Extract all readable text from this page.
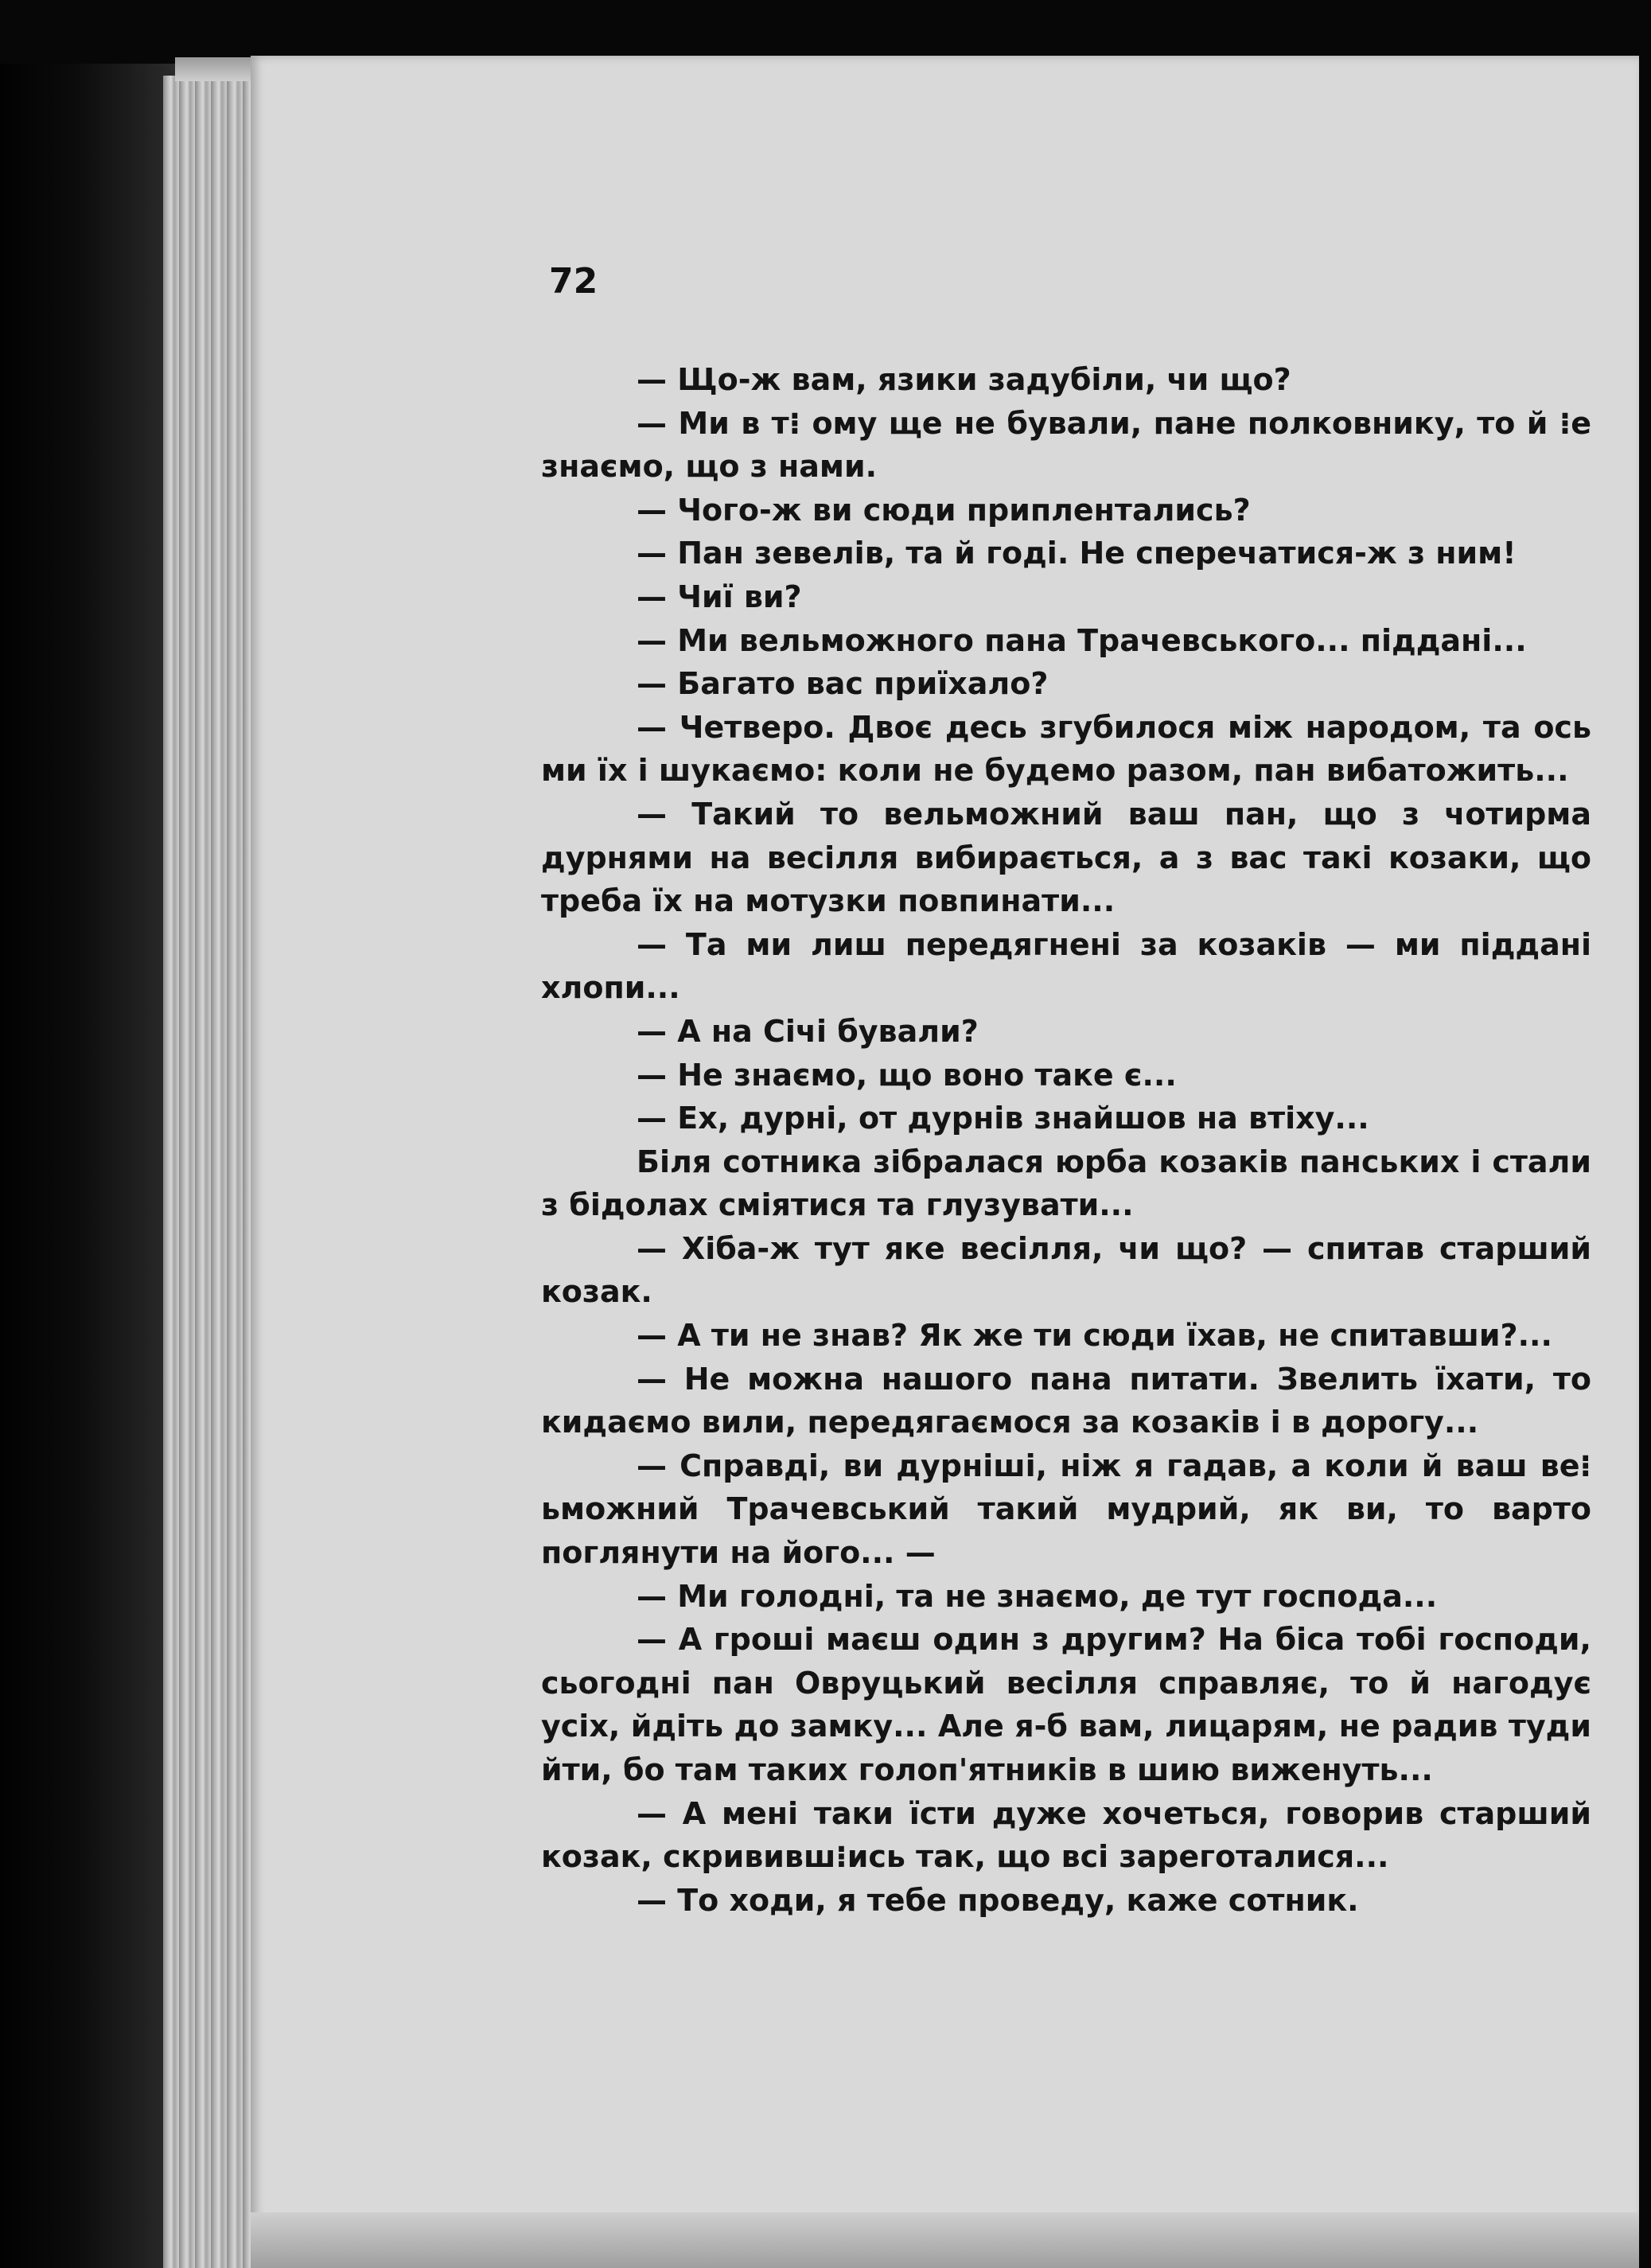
72

— Що-ж вам, язики задубіли, чи що?

— Ми в т⁝ ому ще не бували, пане полковнику, то й ⁝е знаємо, що з нами.

— Чого-ж ви сюди приплентались?

— Пан зевелів, та й годі. Не сперечатися-ж з ним!

— Чиї ви?

— Ми вельможного пана Трачевського... піддані...

— Багато вас приїхало?

— Четверо. Двоє десь згубилося між народом, та ось ми їх і шукаємо: коли не будемо разом, пан вибатожить...

— Такий то вельможний ваш пан, що з чотирма дурнями на весілля вибирається, а з вас такі козаки, що треба їх на мотузки повпинати...

— Та ми лиш передягнені за козаків — ми піддані хлопи...

— А на Січі бували?

— Не знаємо, що воно таке є...

— Ех, дурні, от дурнів знайшов на втіху...

Біля сотника зібралася юрба козаків панських і стали з бідолах сміятися та глузувати...

— Хіба-ж тут яке весілля, чи що? — спитав старший козак.

— А ти не знав? Як же ти сюди їхав, не спитавши?...

— Не можна нашого пана питати. Звелить їхати, то кидаємо вили, передягаємося за козаків і в дорогу...

— Справді, ви дурніші, ніж я гадав, а коли й ваш ве⁝ ьможний Трачевський такий мудрий, як ви, то варто поглянути на його... —

— Ми голодні, та не знаємо, де тут господа...

— А гроші маєш один з другим? На біса тобі господи, сьогодні пан Овруцький весілля справляє, то й нагодує усіх, йдіть до замку... Але я-б вам, лицарям, не радив туди йти, бо там таких голоп'ятників в шию виженуть...

— А мені таки їсти дуже хочеться, говорив старший козак, скрививш⁝ись так, що всі зареготалися...

— То ходи, я тебе проведу, каже сотник.
